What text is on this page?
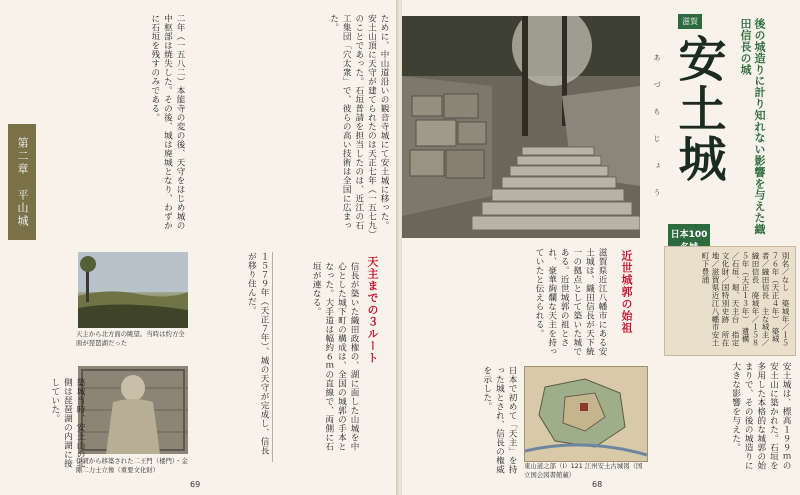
ために、中山道沿いの観音寺城にて安土城に移った。安土山頂に天守が建てられたのは天正七年（一五七九）のことであった。石垣普請を担当したのは、近江の石工集団「穴太衆」で、彼らの高い技術は全国に広まった。
二年（一五八二）本能寺の変の後、天守をはじめ城の中枢部は焼失した。その後、城は廃城となり、わずかに石垣を残すのみである。
第二章　平山城
天主から北方面の眺望。当時は約方全面が琵琶湖だった
伊賀から移築された二王門（楼門）・金剛二力士立像（重要文化財）
１５７９年（天正７年）、城の天守が完成し、信長が移り住んだ。	天主までの３ルート
信長が築いた織田政権の、湖に面した山城を中心とした城下町の構成は、全国の城郭の手本となった。大手道は幅約６ｍの直線で、両側に石垣が連なる。
築城当時、安土山の北側は琵琶湖の内湖に接していた。
69
滋賀
あづちじょう 安土城
日本100
後の城造りに計り知れない影響を与えた織田信長の城
別名／なし　築城年／１５７６年（天正４年）　築城者／織田信長　主な城主／織田信長　廃城年／１５８５年（天正１３年）　遺構／石垣、堀、天主台　指定文化財／国特別史跡　所在地／滋賀県近江八幡市安土町下豊浦
滋賀県近江八幡市にある安土城は、織田信長が天下統一の拠点として築いた城である。近世城郭の祖とされ、豪華絢爛な天主を持っていたと伝えられる。	近世城郭の始祖
日本で初めて「天主」を持った城とされ、信長の権威を示した。
東山道之部（Ⅰ）121 江州安土古城図（国立国会図書館蔵）
安土城は、標高１９９ｍの安土山に築かれた。石垣を多用した本格的な城郭の始まりで、その後の城造りに大きな影響を与えた。
68
